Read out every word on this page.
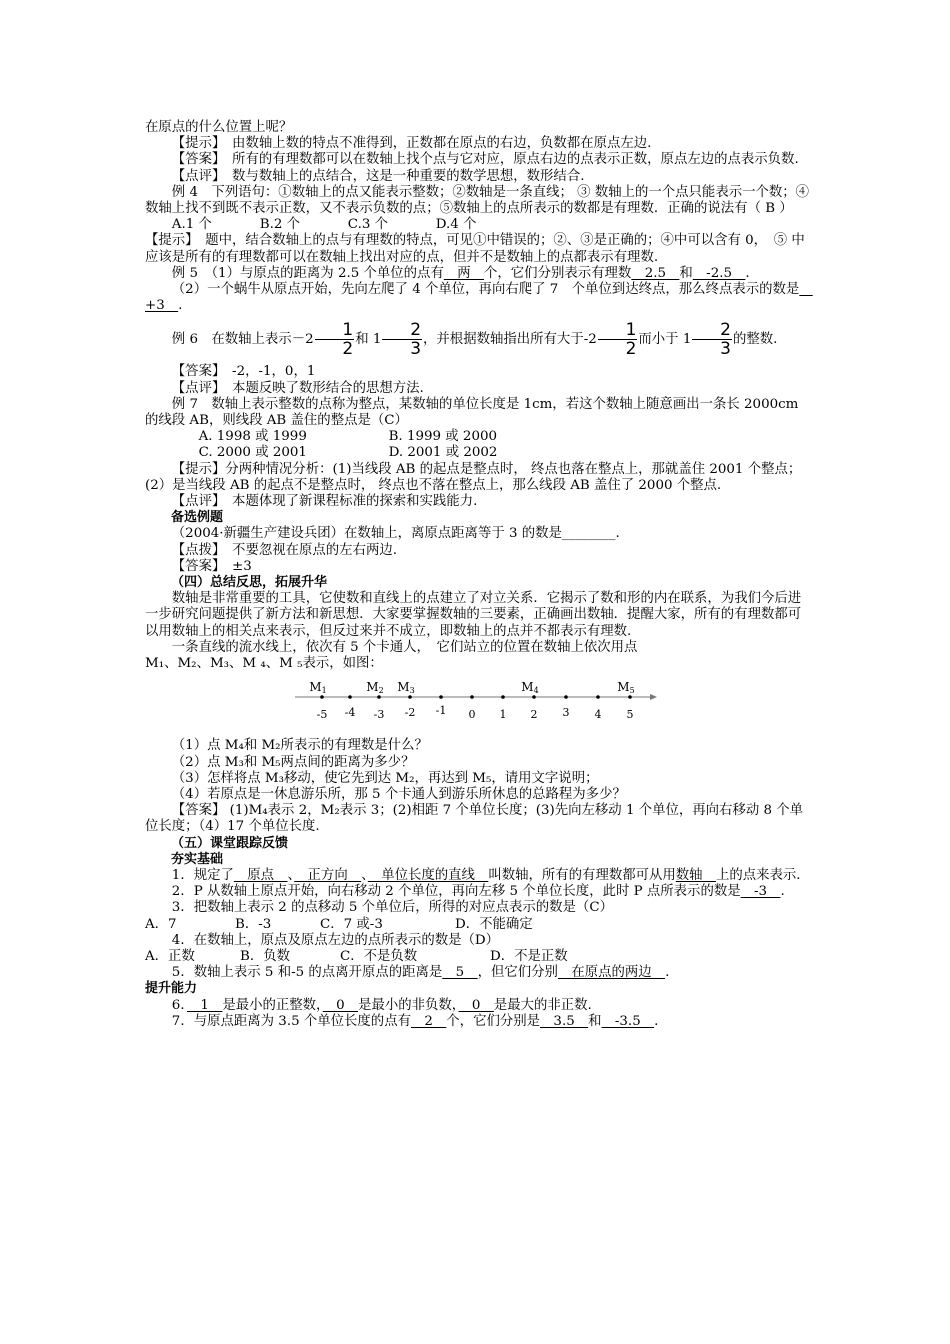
在原点的什么位置上呢？

【提示】　由数轴上数的特点不准得到，正数都在原点的右边，负数都在原点左边.

【答案】　所有的有理数都可以在数轴上找个点与它对应，原点右边的点表示正数，原点左边的点表示负数.

【点评】　数与数轴上的点结合，这是一种重要的数学思想，数形结合.

例 4　下列语句：①数轴上的点又能表示整数；②数轴是一条直线； ③ 数轴上的一个点只能表示一个数；④数轴上找不到既不表示正数，又不表示负数的点；⑤数轴上的点所表示的数都是有理数．正确的说法有（ B ）

A.1 个	B.2 个	C.3 个	D.4 个

【提示】　题中，结合数轴上的点与有理数的特点，可见①中错误的；②、③是正确的；④中可以含有 0，　⑤ 中应该是所有的有理数都可以在数轴上找出对应的点，但并不是数轴上的点都表示有理数.

例 5　（1）与原点的距离为 2.5 个单位的点有　两　个，它们分别表示有理数　2.5　和　-2.5　.

（2）一个蜗牛从原点开始，先向左爬了 4 个单位，再向右爬了 7　个单位到达终点，那么终点表示的数是　+3　.

例 6　在数轴上表示$-2 \frac{1}{2}$ 和 $1 \frac{2}{3}$ ，并根据数轴指出所有大于$-2 \frac{1}{2}$ 而小于 $1 \frac{2}{3}$ 的整数.

【答案】　-2，-1，0，1

【点评】　本题反映了数形结合的思想方法.

例 7　数轴上表示整数的点称为整点，某数轴的单位长度是 1cm，若这个数轴上随意画出一条长 2000cm 的线段 AB，则线段 AB 盖住的整点是（C）

A. 1998 或 1999	B. 1999 或 2000

C. 2000 或 2001	D. 2001 或 2002

【提示】分两种情况分析：(1)当线段 AB 的起点是整点时， 终点也落在整点上，那就盖住 2001 个整点；(2）是当线段 AB 的起点不是整点时， 终点也不落在整点上，那么线段 AB 盖住了 2000 个整点.

【点评】　本题体现了新课程标准的探索和实践能力.

备选例题

（2004·新疆生产建设兵团）在数轴上，离原点距离等于 3 的数是________.

【点拨】　不要忽视在原点的左右两边.

【答案】　±3

（四）总结反思，拓展升华

数轴是非常重要的工具，它使数和直线上的点建立了对立关系．它揭示了数和形的内在联系，为我们今后进一步研究问题提供了新方法和新思想．大家要掌握数轴的三要素，正确画出数轴．提醒大家，所有的有理数都可以用数轴上的相关点来表示，但反过来并不成立，即数轴上的点并不都表示有理数.

一条直线的流水线上，依次有 5 个卡通人，　它们站立的位置在数轴上依次用点

M₁、M₂、M₃、M ₄、M ₅表示，如图：

-5 -4 -3 -2 -1 0 1 2 3 4 5
M1	M2 M3	M4	M5

（1）点 M₄和 M₂所表示的有理数是什么？

（2）点 M₃和 M₅两点间的距离为多少？

（3）怎样将点 M₃移动，使它先到达 M₂，再达到 M₅，请用文字说明；

（4）若原点是一休息游乐所，那 5 个卡通人到游乐所休息的总路程为多少？

【答案】 (1)M₄表示 2，M₂表示 3；(2)相距 7 个单位长度；(3)先向左移动 1 个单位，再向右移动 8 个单位长度；（4）17 个单位长度.

（五）课堂跟踪反馈

夯实基础

1．规定了　原点　、　正方向　、　单位长度的直线　叫数轴，所有的有理数都可从用数轴　上的点来表示.

2．P 从数轴上原点开始，向右移动 2 个单位，再向左移 5 个单位长度，此时 P 点所表示的数是　-3　.

3．把数轴上表示 2 的点移动 5 个单位后，所得的对应点表示的数是（C）

A．7	B．-3	C．7 或-3	D．不能确定

4．在数轴上，原点及原点左边的点所表示的数是（D）

A．正数	B．负数	C．不是负数	D．不是正数

5．数轴上表示 5 和-5 的点离开原点的距离是　5　，但它们分别　在原点的两边　.

提升能力

6．　1　是最小的正整数，　0　是最小的非负数，　0　是最大的非正数.

7．与原点距离为 3.5 个单位长度的点有　2　个，它们分别是　3.5　和　-3.5　.
